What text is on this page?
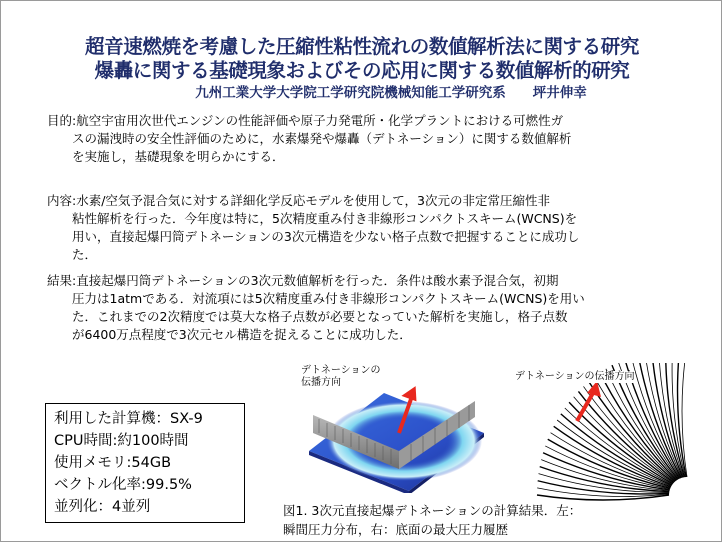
超音速燃焼を考慮した圧縮性粘性流れの数値解析法に関する研究
爆轟に関する基礎現象およびその応用に関する数値解析的研究
九州工業大学大学院工学研究院機械知能工学研究系　　坪井伸幸
目的:航空宇宙用次世代エンジンの性能評価や原子力発電所・化学プラントにおける可燃性ガ
スの漏洩時の安全性評価のために，水素爆発や爆轟（デトネーション）に関する数値解析
を実施し，基礎現象を明らかにする．
内容:水素/空気予混合気に対する詳細化学反応モデルを使用して，3次元の非定常圧縮性非
粘性解析を行った．今年度は特に，5次精度重み付き非線形コンパクトスキーム(WCNS)を
用い，直接起爆円筒デトネーションの3次元構造を少ない格子点数で把握することに成功し
た．
結果:直接起爆円筒デトネーションの3次元数値解析を行った．条件は酸水素予混合気，初期
圧力は1atmである．対流項には5次精度重み付き非線形コンパクトスキーム(WCNS)を用い
た．これまでの2次精度では莫大な格子点数が必要となっていた解析を実施し，格子点数
が6400万点程度で3次元セル構造を捉えることに成功した．
利用した計算機：SX-9
CPU時間:約100時間
使用メモリ:54GB
ベクトル化率:99.5%
並列化：4並列
デトネーションの
伝播方向
デトネーションの伝播方向
図1. 3次元直接起爆デトネーションの計算結果．左：
瞬間圧力分布，右：底面の最大圧力履歴
